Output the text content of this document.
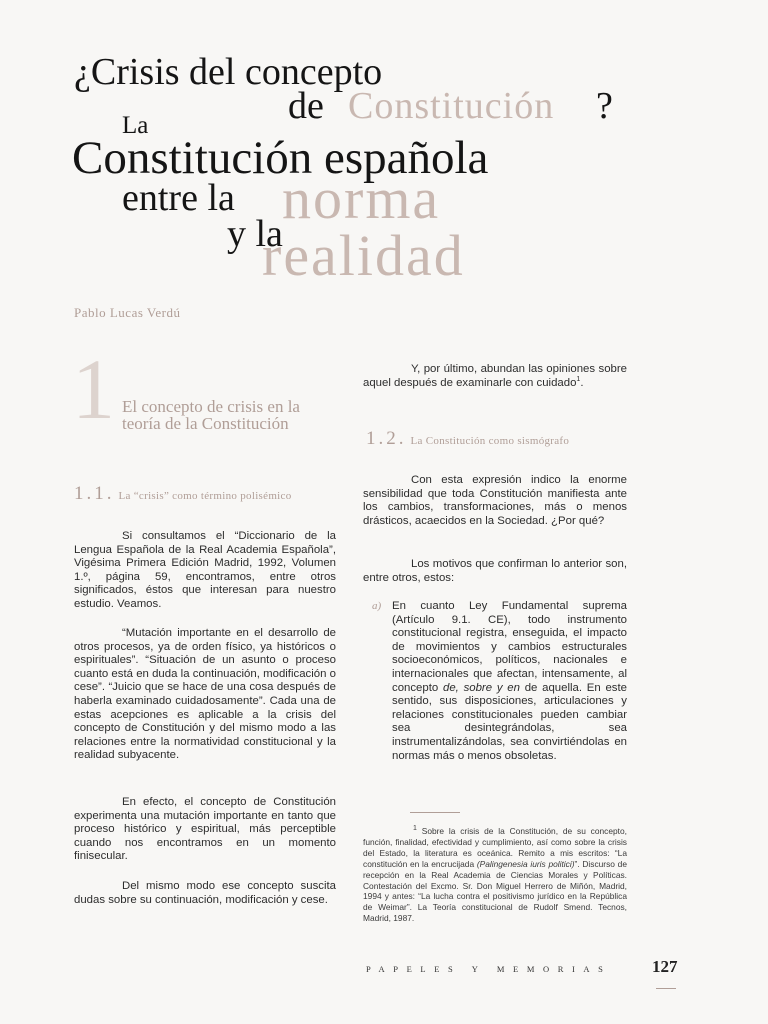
¿Crisis del concepto
de Constitución ?
La
Constitución española
entre la norma
y la
realidad
Pablo Lucas Verdú
1 El concepto de crisis en la teoría de la Constitución
1.1. La “crisis” como término polisémico

Si consultamos el “Diccionario de la Lengua Española de la Real Academia Española”, Vigésima Primera Edición Madrid, 1992, Volumen 1.º, página 59, encontramos, entre otros significados, éstos que interesan para nuestro estudio. Veamos.

“Mutación importante en el desarrollo de otros procesos, ya de orden físico, ya históricos o espirituales”. “Situación de un asunto o proceso cuanto está en duda la continuación, modificación o cese”. “Juicio que se hace de una cosa después de haberla examinado cuidadosamente”. Cada una de estas acepciones es aplicable a la crisis del concepto de Constitución y del mismo modo a las relaciones entre la normatividad constitucional y la realidad subyacente.

En efecto, el concepto de Constitución experimenta una mutación importante en tanto que proceso histórico y espiritual, más perceptible cuando nos encontramos en un momento finisecular.

Del mismo modo ese concepto suscita dudas sobre su continuación, modificación y cese.

Y, por último, abundan las opiniones sobre aquel después de examinarle con cuidado$^1$.

1.2. La Constitución como sismógrafo

Con esta expresión indico la enorme sensibilidad que toda Constitución manifiesta ante los cambios, transformaciones, más o menos drásticos, acaecidos en la Sociedad. ¿Por qué?

Los motivos que confirman lo anterior son, entre otros, estos:

a) En cuanto Ley Fundamental suprema (Artículo 9.1. CE), todo instrumento constitucional registra, enseguida, el impacto de movimientos y cambios estructurales socioeconómicos, políticos, nacionales e internacionales que afectan, intensamente, al concepto de, sobre y en de aquella. En este sentido, sus disposiciones, articulaciones y relaciones constitucionales pueden cambiar sea desintegrándolas, sea instrumentalizándolas, sea convirtiéndolas en normas más o menos obsoletas.

$^1$ Sobre la crisis de la Constitución, de su concepto, función, finalidad, efectividad y cumplimiento, así como sobre la crisis del Estado, la literatura es oceánica. Remito a mis escritos: “La constitución en la encrucijada (Palingenesia iuris politici)”. Discurso de recepción en la Real Academia de Ciencias Morales y Políticas. Contestación del Excmo. Sr. Don Miguel Herrero de Miñón, Madrid, 1994 y antes: “La lucha contra el positivismo jurídico en la República de Weimar”. La Teoría constitucional de Rudolf Smend. Tecnos, Madrid, 1987.

PAPELES Y MEMORIAS 127
